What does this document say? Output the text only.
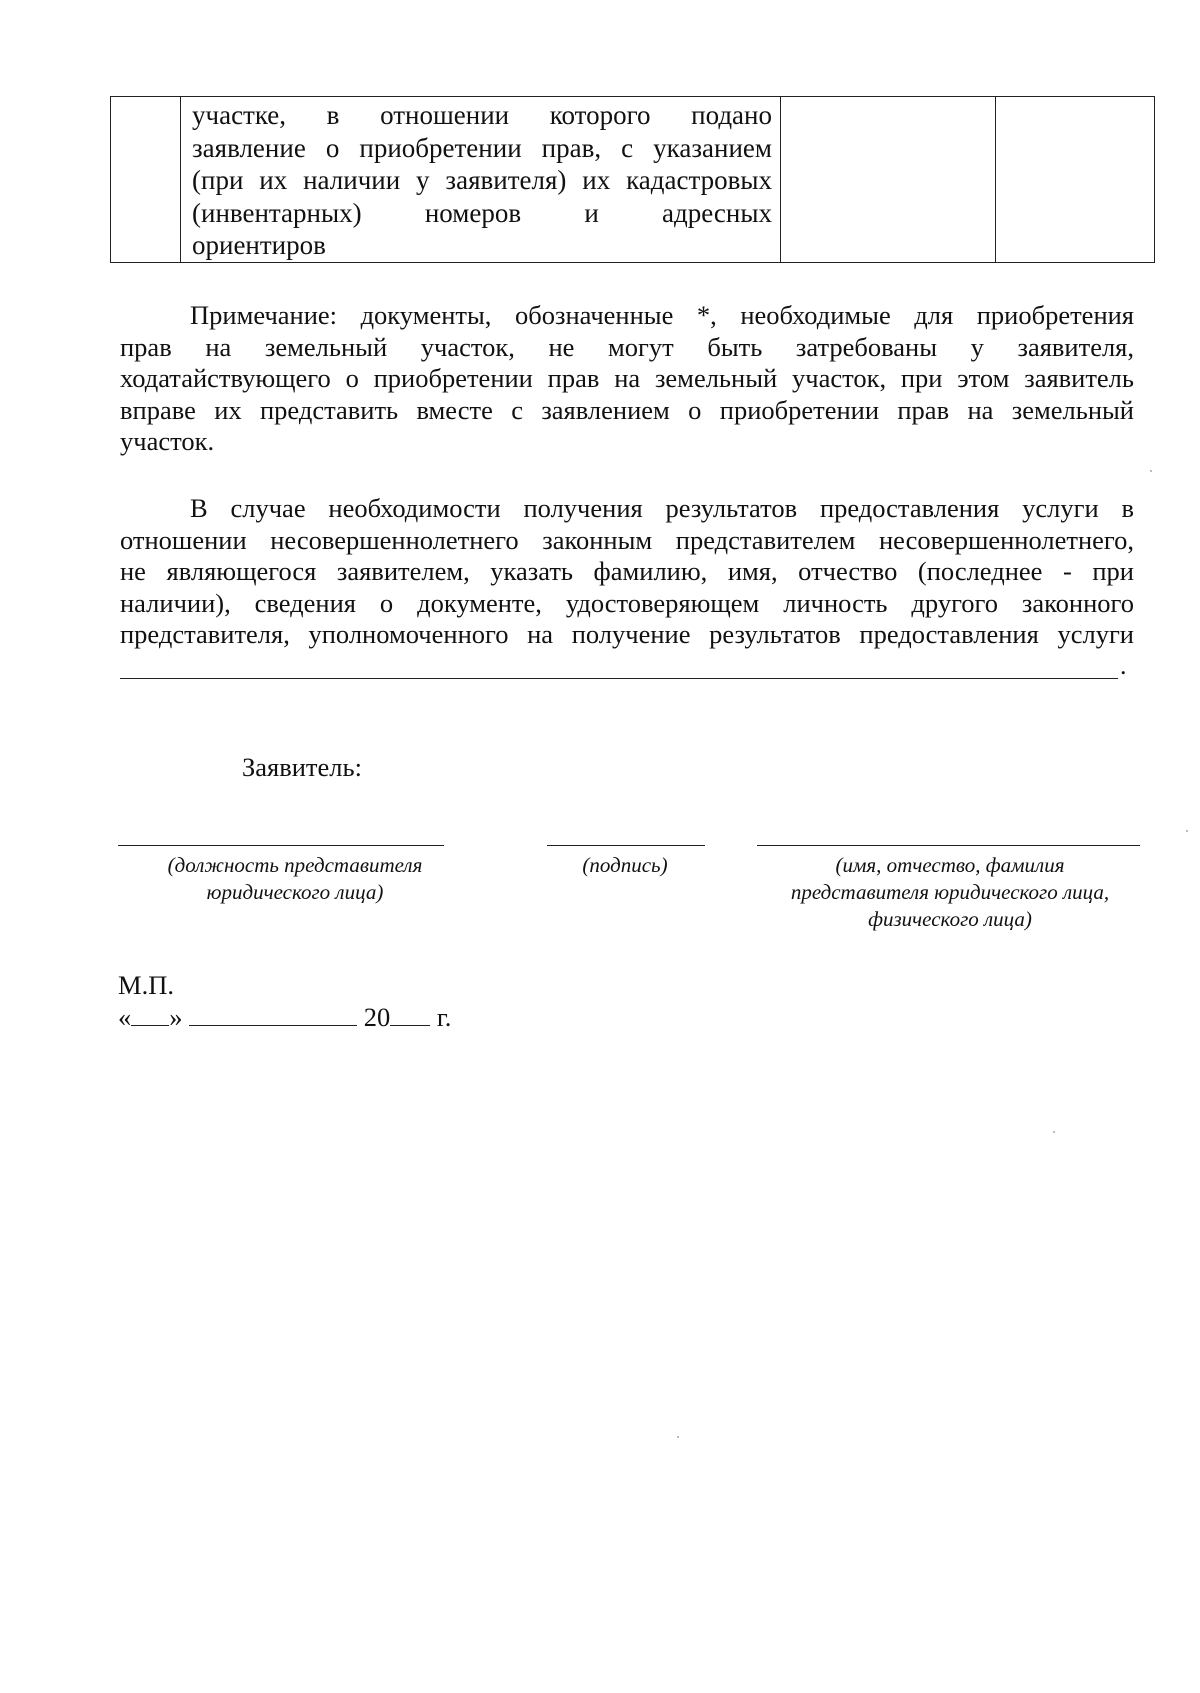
участке, в отношении которого подано
заявление о приобретении прав, с указанием
(при их наличии у заявителя) их кадастровых
(инвентарных) номеров и адресных
ориентиров

Примечание: документы, обозначенные *, необходимые для приобретения
прав на земельный участок, не могут быть затребованы у заявителя,
ходатайствующего о приобретении прав на земельный участок, при этом заявитель
вправе их представить вместе с заявлением о приобретении прав на земельный
участок.
В случае необходимости получения результатов предоставления услуги в
отношении несовершеннолетнего законным представителем несовершеннолетнего,
не являющегося заявителем, указать фамилию, имя, отчество (последнее - при
наличии), сведения о документе, удостоверяющем личность другого законного
представителя, уполномоченного на получение результатов предоставления услуги
.
Заявитель:
(должность представителя
юридического лица)
(подпись)	(имя, отчество, фамилия
представителя юридического лица,
физического лица)
М.П.
« »	20 г.
